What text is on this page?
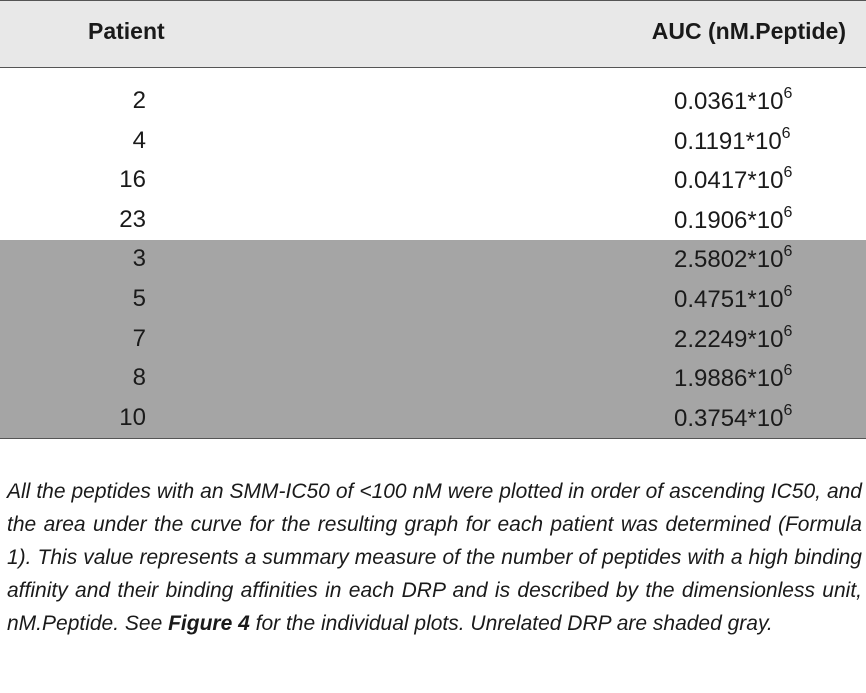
Patient	AUC (nM.Peptide)
2	$0.0361*10^6$
4	$0.1191*10^6$
16	$0.0417*10^6$
23	$0.1906*10^6$
3	$2.5802*10^6$
5	$0.4751*10^6$
7	$2.2249*10^6$
8	$1.9886*10^6$
10	$0.3754*10^6$
All the peptides with an SMM-IC50 of <100 nM were plotted in order of ascending IC50, and the area under the curve for the resulting graph for each patient was determined (Formula 1). This value represents a summary measure of the number of peptides with a high binding affinity and their binding affinities in each DRP and is described by the dimensionless unit, nM.Peptide. See Figure 4 for the individual plots. Unrelated DRP are shaded gray.
